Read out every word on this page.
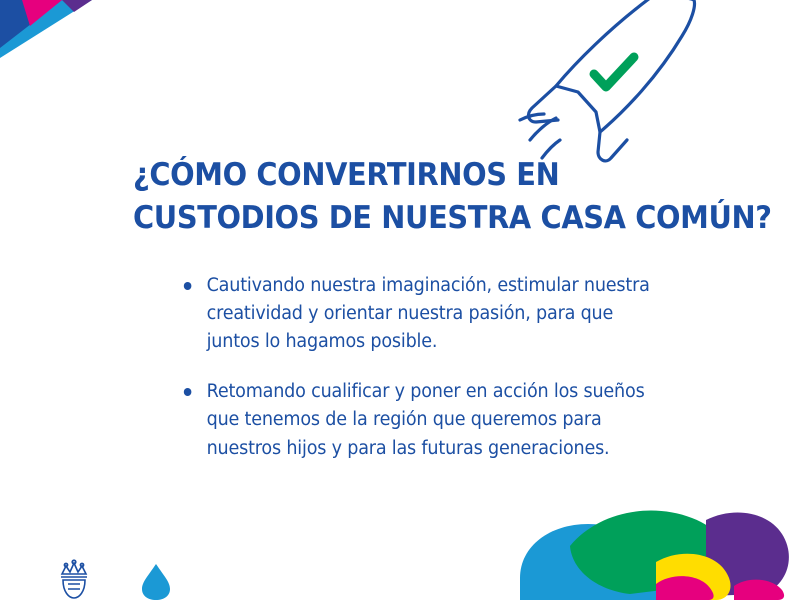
¿CÓMO CONVERTIRNOS EN
CUSTODIOS DE NUESTRA CASA COMÚN?
Cautivando nuestra imaginación, estimular nuestra creatividad y orientar nuestra pasión, para que juntos lo hagamos posible.
Retomando cualificar y poner en acción los sueños que tenemos de la región que queremos para nuestros hijos y para las futuras generaciones.
